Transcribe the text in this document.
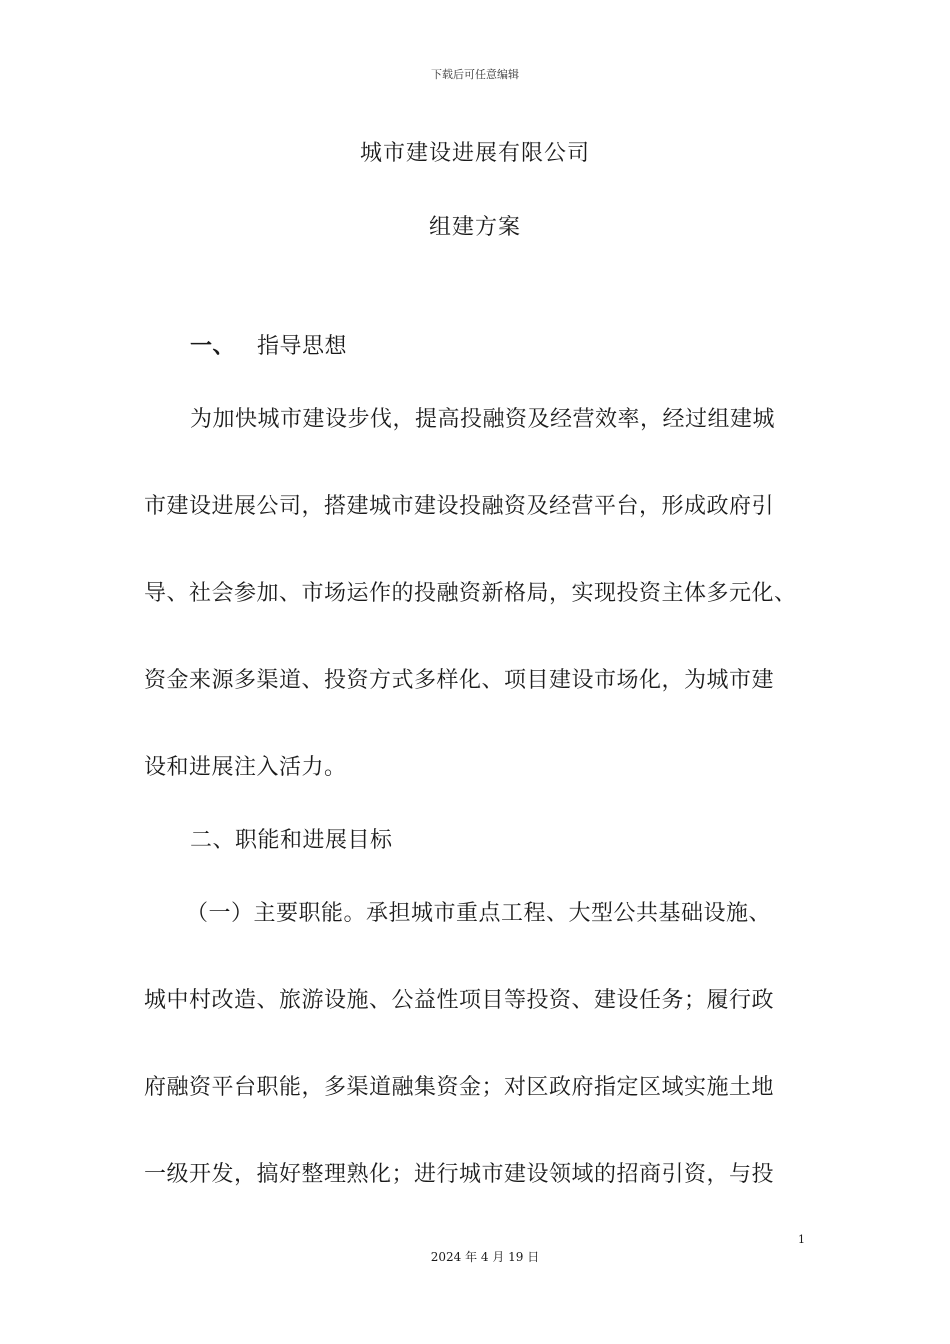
下载后可任意编辑
城市建设进展有限公司
组建方案
一、 指导思想
为加快城市建设步伐，提高投融资及经营效率，经过组建城
市建设进展公司，搭建城市建设投融资及经营平台，形成政府引
导、社会参加、市场运作的投融资新格局，实现投资主体多元化、
资金来源多渠道、投资方式多样化、项目建设市场化，为城市建
设和进展注入活力。
二、职能和进展目标
（一）主要职能。承担城市重点工程、大型公共基础设施、
城中村改造、旅游设施、公益性项目等投资、建设任务；履行政
府融资平台职能，多渠道融集资金；对区政府指定区域实施土地
一级开发，搞好整理熟化；进行城市建设领域的招商引资，与投
1
2024 年 4 月 19 日
